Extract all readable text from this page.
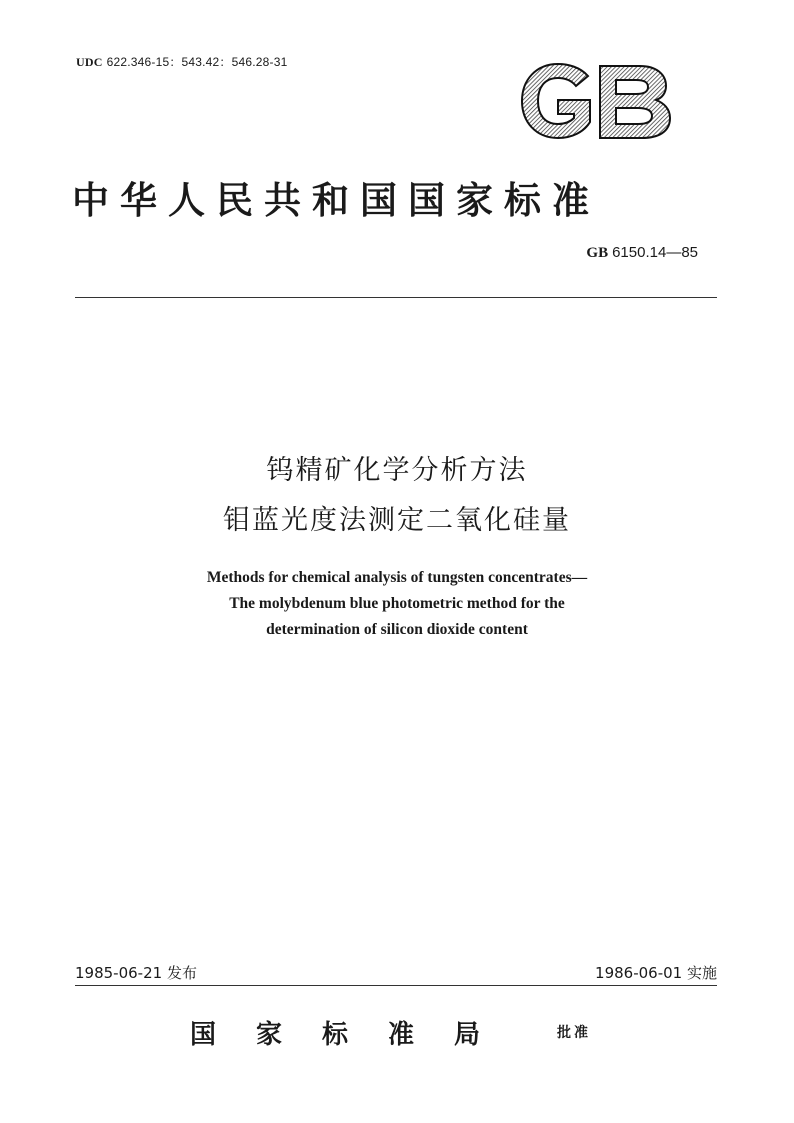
UDC 622.346-15：543.42：546.28-31
中华人民共和国国家标准
GB 6150.14—85
钨精矿化学分析方法
钼蓝光度法测定二氧化硅量
Methods for chemical analysis of tungsten concentrates—
The molybdenum blue photometric method for the
determination of silicon dioxide content
1985-06-21 发布	1986-06-01 实施
国家标准局	批准
